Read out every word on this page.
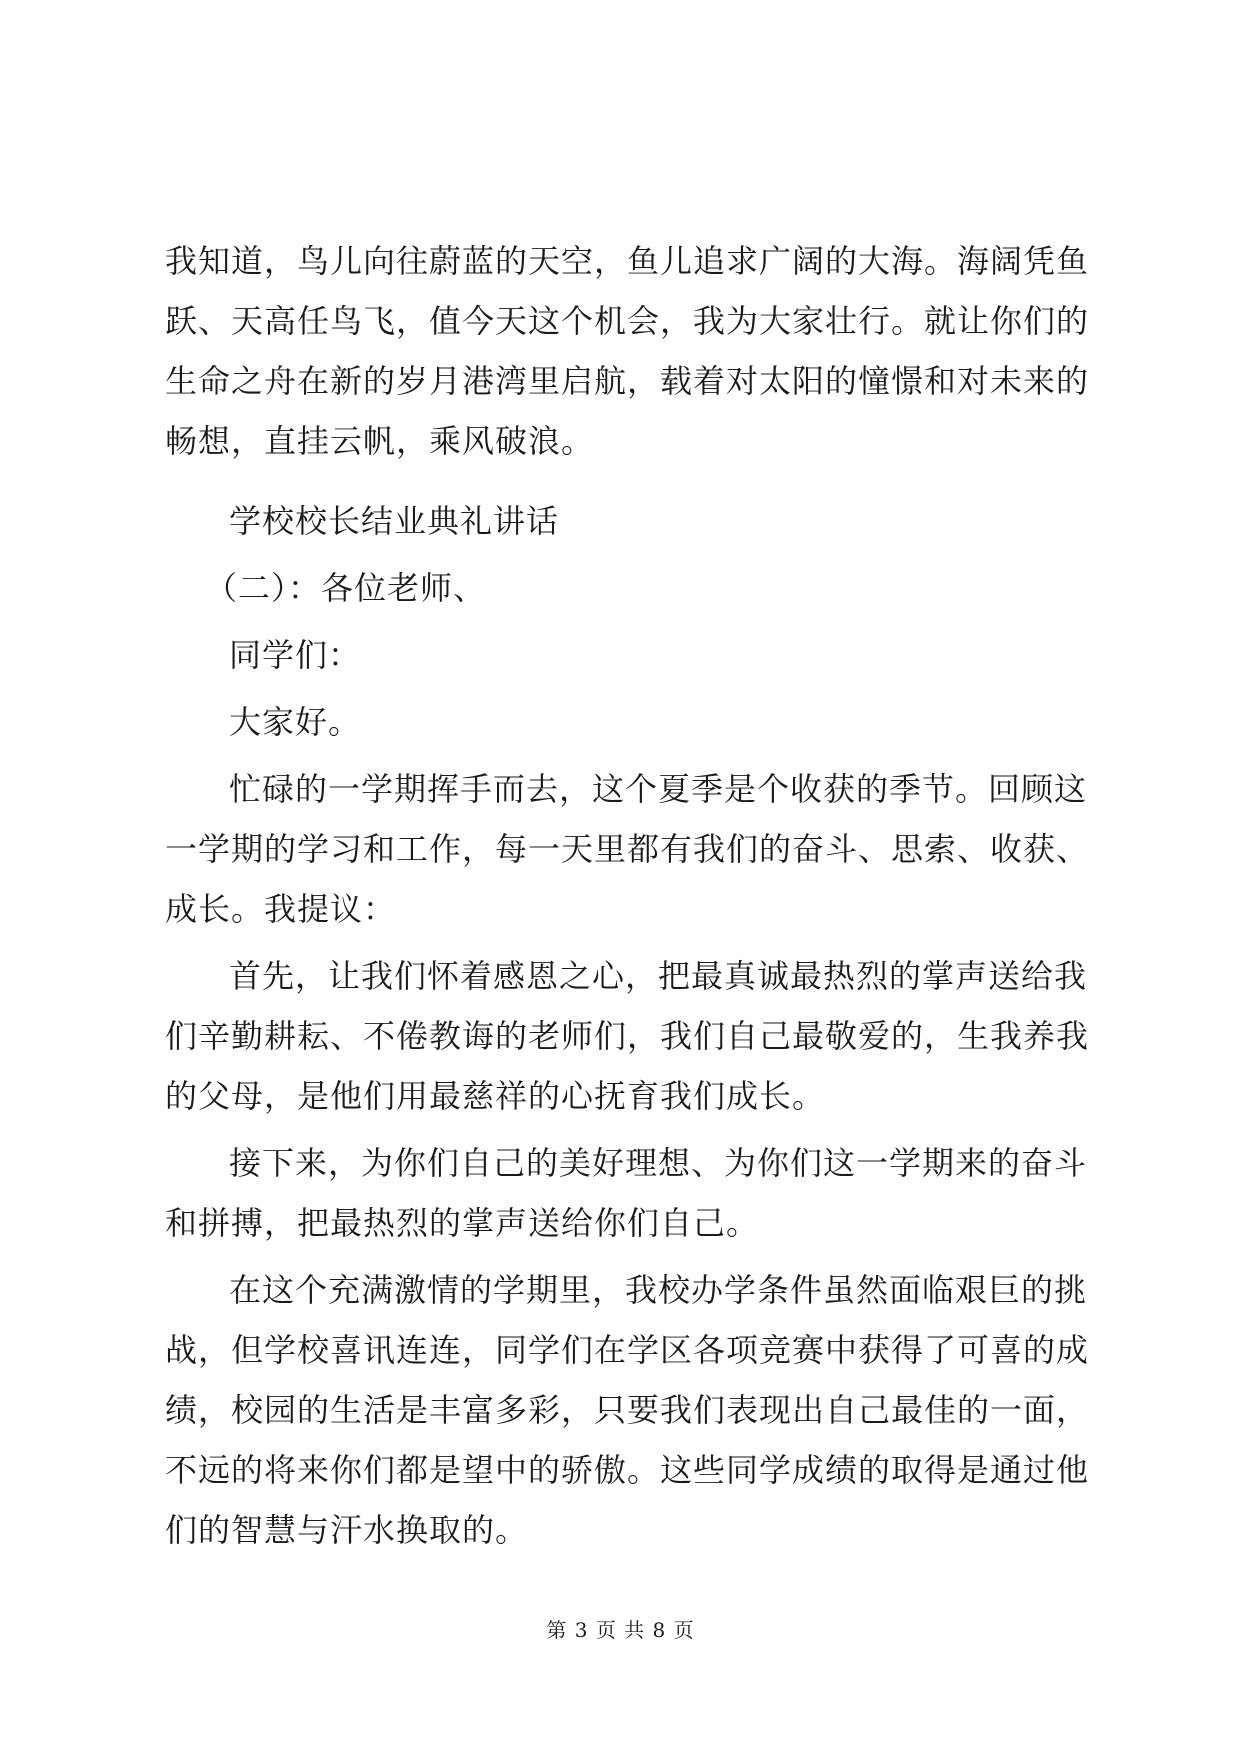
我知道，鸟儿向往蔚蓝的天空，鱼儿追求广阔的大海。海阔凭鱼
跃、天高任鸟飞，值今天这个机会，我为大家壮行。就让你们的
生命之舟在新的岁月港湾里启航，载着对太阳的憧憬和对未来的
畅想，直挂云帆，乘风破浪。
学校校长结业典礼讲话
（二）：各位老师、
同学们：
大家好。
忙碌的一学期挥手而去，这个夏季是个收获的季节。回顾这
一学期的学习和工作，每一天里都有我们的奋斗、思索、收获、
成长。我提议：
首先，让我们怀着感恩之心，把最真诚最热烈的掌声送给我
们辛勤耕耘、不倦教诲的老师们，我们自己最敬爱的，生我养我
的父母，是他们用最慈祥的心抚育我们成长。
接下来，为你们自己的美好理想、为你们这一学期来的奋斗
和拼搏，把最热烈的掌声送给你们自己。
在这个充满激情的学期里，我校办学条件虽然面临艰巨的挑
战，但学校喜讯连连，同学们在学区各项竞赛中获得了可喜的成
绩，校园的生活是丰富多彩，只要我们表现出自己最佳的一面，
不远的将来你们都是望中的骄傲。这些同学成绩的取得是通过他
们的智慧与汗水换取的。
第 3 页 共 8 页
